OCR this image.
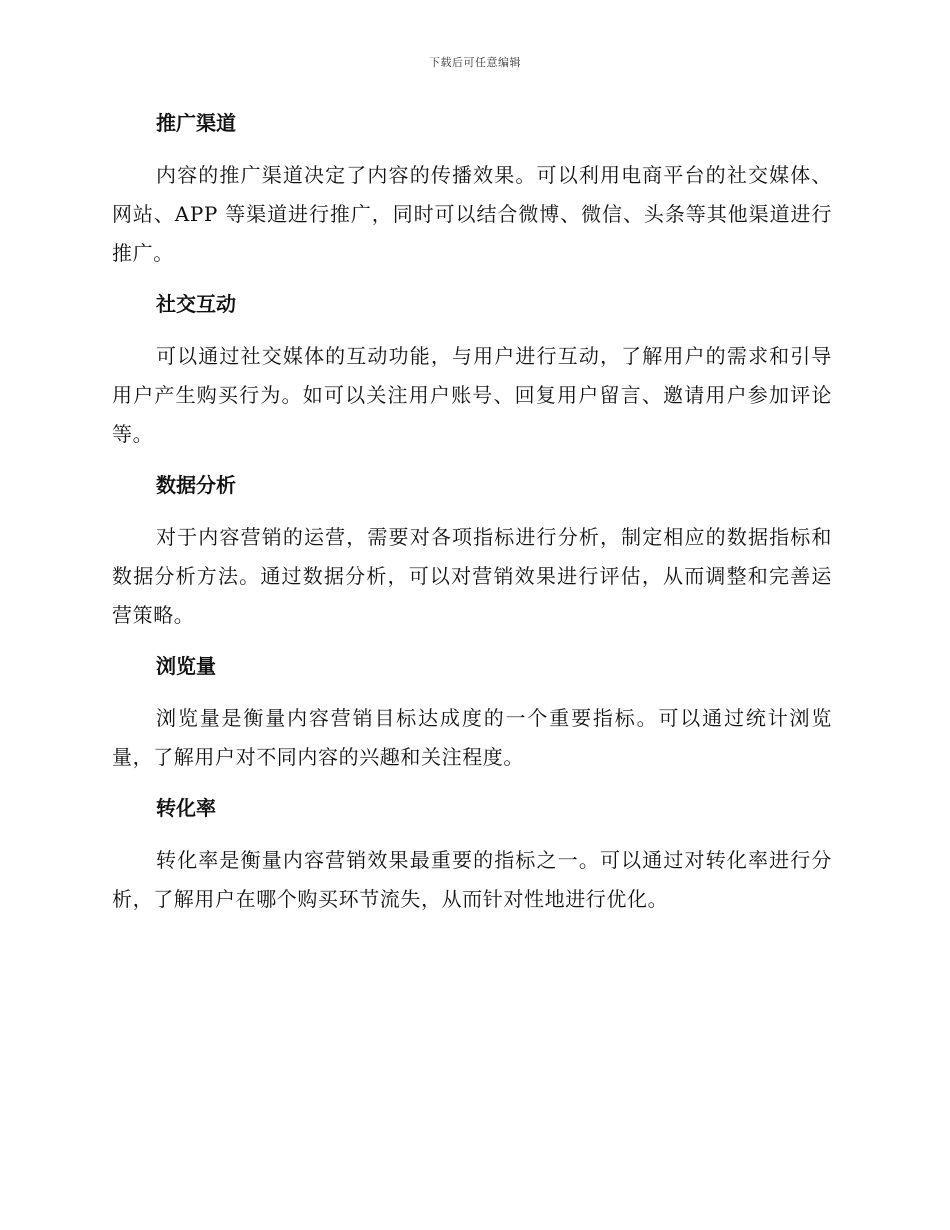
下载后可任意编辑
推广渠道

内容的推广渠道决定了内容的传播效果。可以利用电商平台的社交媒体、网站、APP 等渠道进行推广，同时可以结合微博、微信、头条等其他渠道进行推广。

社交互动

可以通过社交媒体的互动功能，与用户进行互动，了解用户的需求和引导用户产生购买行为。如可以关注用户账号、回复用户留言、邀请用户参加评论等。

数据分析

对于内容营销的运营，需要对各项指标进行分析，制定相应的数据指标和数据分析方法。通过数据分析，可以对营销效果进行评估，从而调整和完善运营策略。

浏览量

浏览量是衡量内容营销目标达成度的一个重要指标。可以通过统计浏览量，了解用户对不同内容的兴趣和关注程度。

转化率

转化率是衡量内容营销效果最重要的指标之一。可以通过对转化率进行分析，了解用户在哪个购买环节流失，从而针对性地进行优化。
